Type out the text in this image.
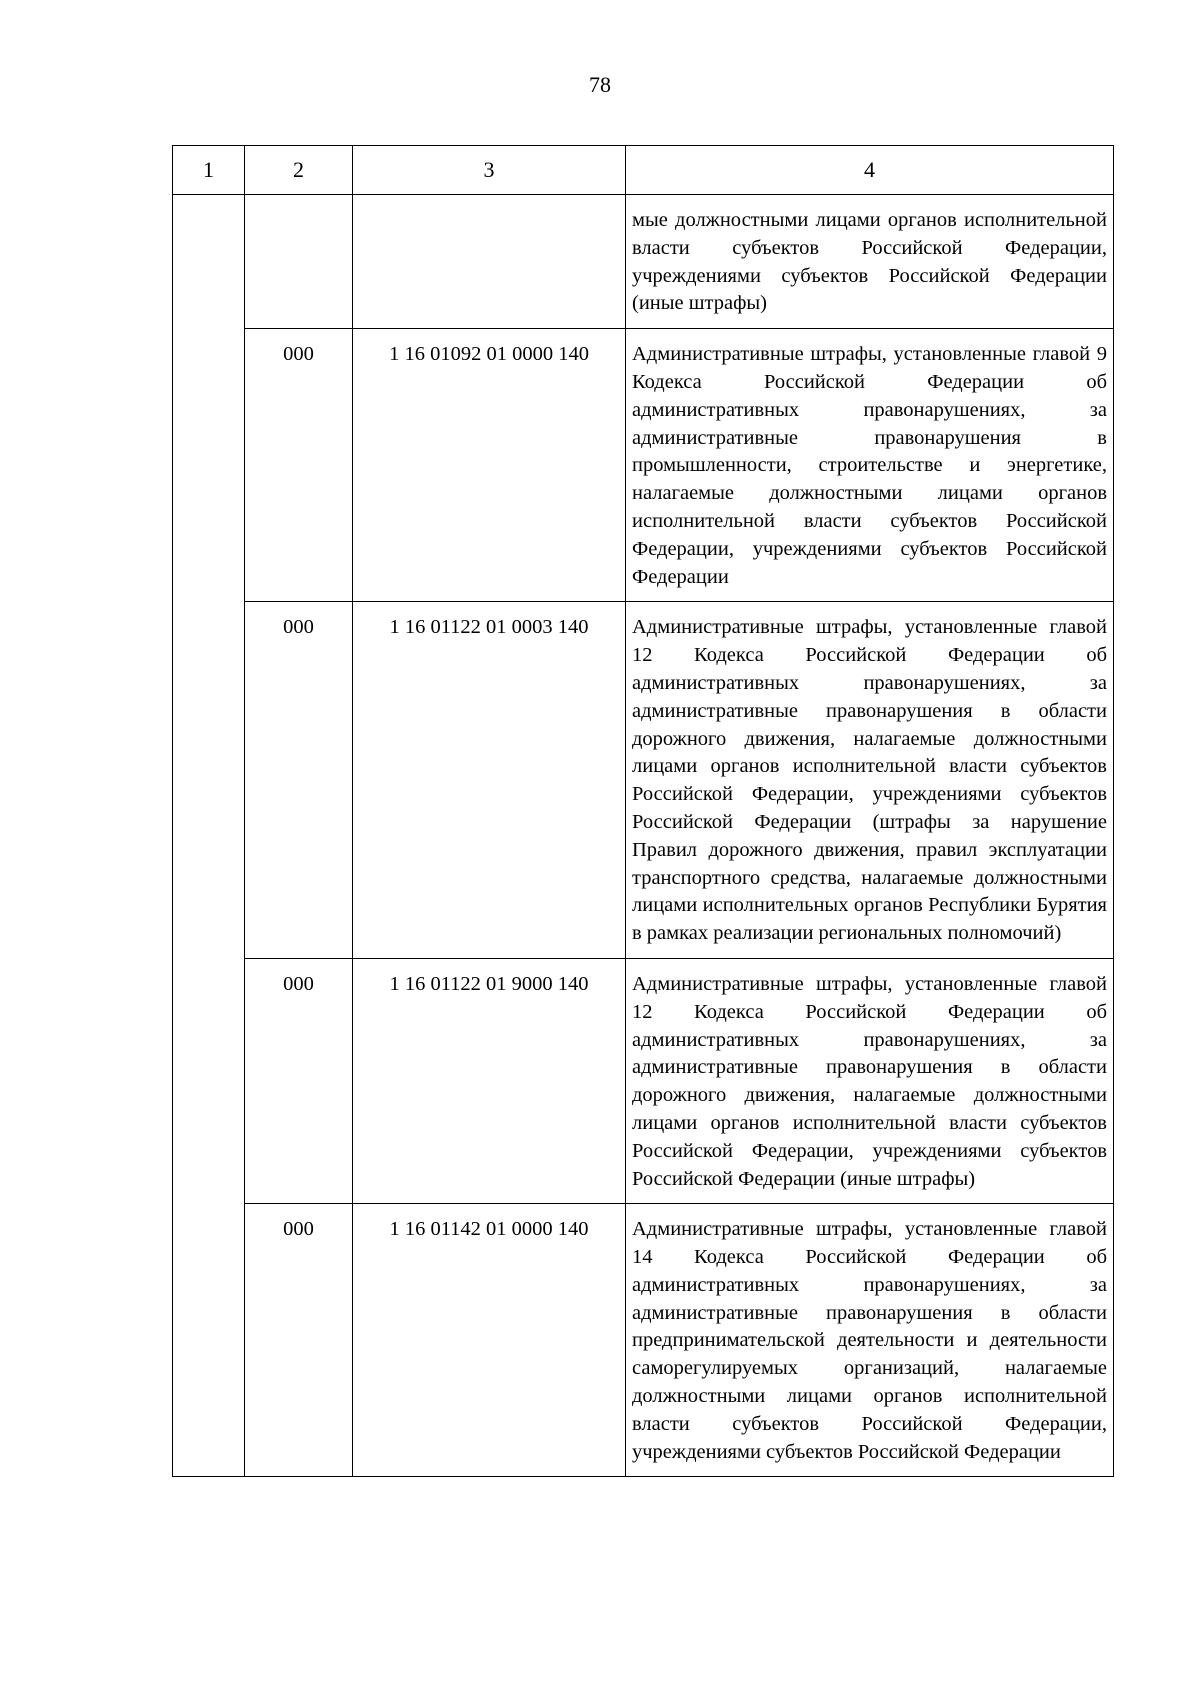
78
1	2	3	4
			мые должностными лицами органов исполнительной власти субъектов Российской Федерации, учреждениями субъектов Российской Федерации (иные штрафы)
	000	1 16 01092 01 0000 140	Административные штрафы, установленные главой 9 Кодекса Российской Федерации об административных правонарушениях, за административные правонарушения в промышленности, строительстве и энергетике, налагаемые должностными лицами органов исполнительной власти субъектов Российской Федерации, учреждениями субъектов Российской Федерации
	000	1 16 01122 01 0003 140	Административные штрафы, установленные главой 12 Кодекса Российской Федерации об административных правонарушениях, за административные правонарушения в области дорожного движения, налагаемые должностными лицами органов исполнительной власти субъектов Российской Федерации, учреждениями субъектов Российской Федерации (штрафы за нарушение Правил дорожного движения, правил эксплуатации транспортного средства, налагаемые должностными лицами исполнительных органов Республики Бурятия в рамках реализации региональных полномочий)
	000	1 16 01122 01 9000 140	Административные штрафы, установленные главой 12 Кодекса Российской Федерации об административных правонарушениях, за административные правонарушения в области дорожного движения, налагаемые должностными лицами органов исполнительной власти субъектов Российской Федерации, учреждениями субъектов Российской Федерации (иные штрафы)
	000	1 16 01142 01 0000 140	Административные штрафы, установленные главой 14 Кодекса Российской Федерации об административных правонарушениях, за административные правонарушения в области предпринимательской деятельности и деятельности саморегулируемых организаций, налагаемые должностными лицами органов исполнительной власти субъектов Российской Федерации, учреждениями субъектов Российской Федерации
